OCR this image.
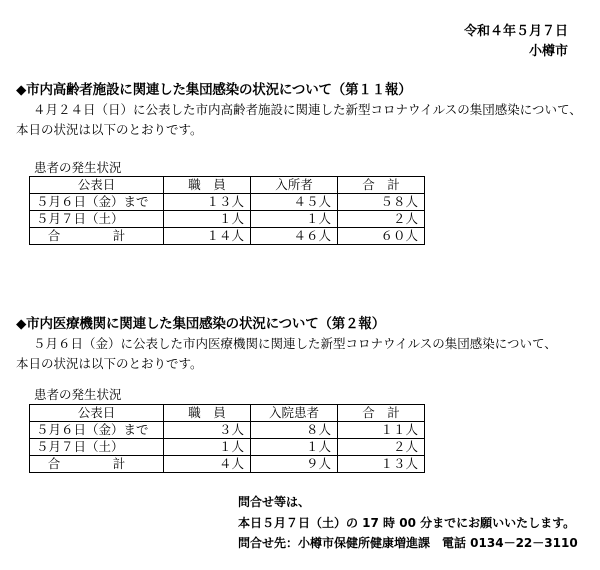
令和４年５月７日
小樽市
◆市内高齢者施設に関連した集団感染の状況について（第１１報）
４月２４日（日）に公表した市内高齢者施設に関連した新型コロナウイルスの集団感染について、
本日の状況は以下のとおりです。
患者の発生状況
公表日	職　員	入所者	合　計
５月６日（金）まで	１３人	４５人	５８人
５月７日（土）	１人	１人	２人
合　計	１４人	４６人	６０人
◆市内医療機関に関連した集団感染の状況について（第２報）
５月６日（金）に公表した市内医療機関に関連した新型コロナウイルスの集団感染について、
本日の状況は以下のとおりです。
患者の発生状況
公表日	職　員	入院患者	合　計
５月６日（金）まで	３人	８人	１１人
５月７日（土）	１人	１人	２人
合　計	４人	９人	１３人
問合せ等は、
本日５月７日（土）の 17 時 00 分までにお願いいたします。
問合せ先：小樽市保健所健康増進課　電話 0134－22－3110
